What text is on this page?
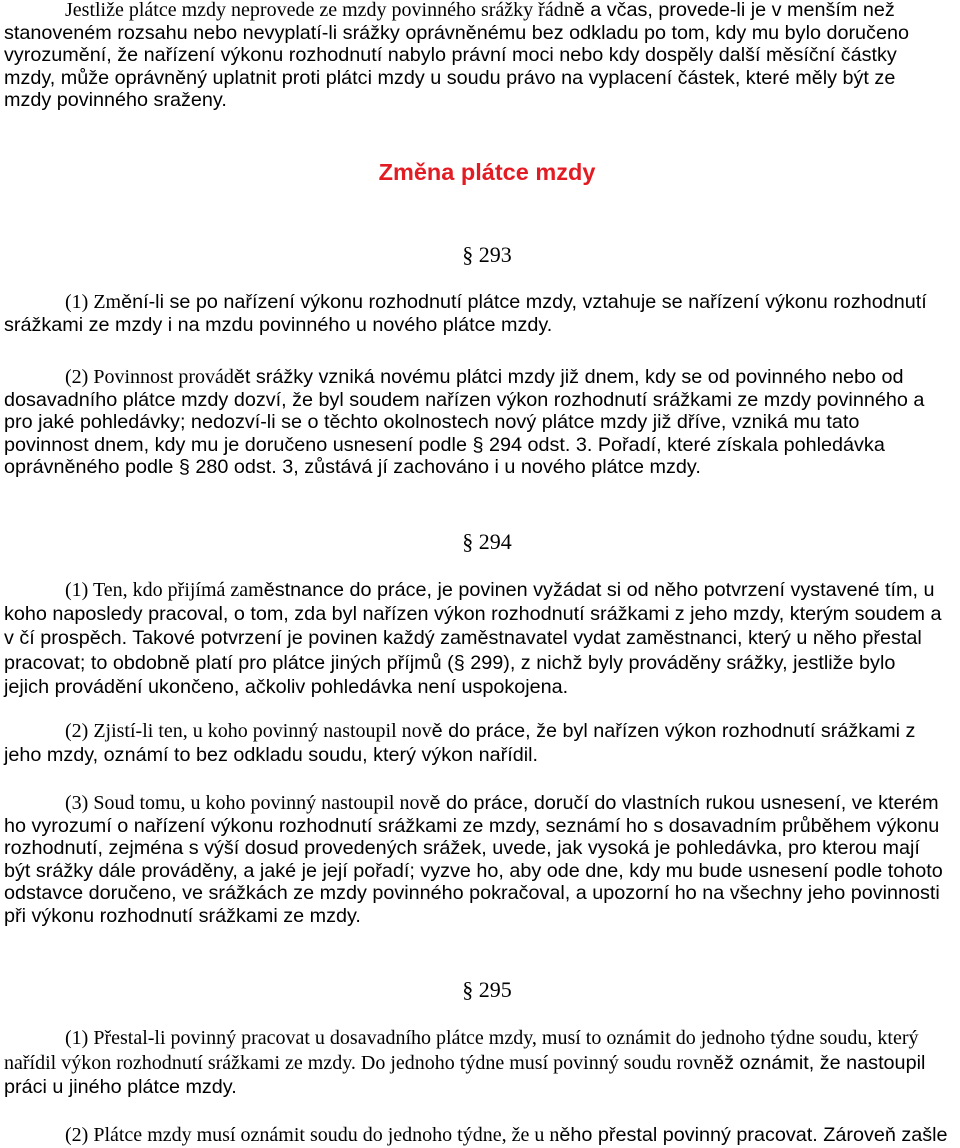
Jestliže plátce mzdy neprovede ze mzdy povinného srážky řádně a včas, provede-li je v menším než
stanoveném rozsahu nebo nevyplatí-li srážky oprávněnému bez odkladu po tom, kdy mu bylo doručeno
vyrozumění, že nařízení výkonu rozhodnutí nabylo právní moci nebo kdy dospěly další měsíční částky
mzdy, může oprávněný uplatnit proti plátci mzdy u soudu právo na vyplacení částek, které měly být ze
mzdy povinného sraženy.
Změna plátce mzdy
§ 293
(1) Změní-li se po nařízení výkonu rozhodnutí plátce mzdy, vztahuje se nařízení výkonu rozhodnutí
srážkami ze mzdy i na mzdu povinného u nového plátce mzdy.
(2) Povinnost provádět srážky vzniká novému plátci mzdy již dnem, kdy se od povinného nebo od
dosavadního plátce mzdy dozví, že byl soudem nařízen výkon rozhodnutí srážkami ze mzdy povinného a
pro jaké pohledávky; nedozví-li se o těchto okolnostech nový plátce mzdy již dříve, vzniká mu tato
povinnost dnem, kdy mu je doručeno usnesení podle § 294 odst. 3. Pořadí, které získala pohledávka
oprávněného podle § 280 odst. 3, zůstává jí zachováno i u nového plátce mzdy.
§ 294
(1) Ten, kdo přijímá zaměstnance do práce, je povinen vyžádat si od něho potvrzení vystavené tím, u
koho naposledy pracoval, o tom, zda byl nařízen výkon rozhodnutí srážkami z jeho mzdy, kterým soudem a
v čí prospěch. Takové potvrzení je povinen každý zaměstnavatel vydat zaměstnanci, který u něho přestal
pracovat; to obdobně platí pro plátce jiných příjmů (§ 299), z nichž byly prováděny srážky, jestliže bylo
jejich provádění ukončeno, ačkoliv pohledávka není uspokojena.
(2) Zjistí-li ten, u koho povinný nastoupil nově do práce, že byl nařízen výkon rozhodnutí srážkami z
jeho mzdy, oznámí to bez odkladu soudu, který výkon nařídil.
(3) Soud tomu, u koho povinný nastoupil nově do práce, doručí do vlastních rukou usnesení, ve kterém
ho vyrozumí o nařízení výkonu rozhodnutí srážkami ze mzdy, seznámí ho s dosavadním průběhem výkonu
rozhodnutí, zejména s výší dosud provedených srážek, uvede, jak vysoká je pohledávka, pro kterou mají
být srážky dále prováděny, a jaké je její pořadí; vyzve ho, aby ode dne, kdy mu bude usnesení podle tohoto
odstavce doručeno, ve srážkách ze mzdy povinného pokračoval, a upozorní ho na všechny jeho povinnosti
při výkonu rozhodnutí srážkami ze mzdy.
§ 295
(1) Přestal-li povinný pracovat u dosavadního plátce mzdy, musí to oznámit do jednoho týdne soudu, který
nařídil výkon rozhodnutí srážkami ze mzdy. Do jednoho týdne musí povinný soudu rovněž oznámit, že nastoupil
práci u jiného plátce mzdy.
(2) Plátce mzdy musí oznámit soudu do jednoho týdne, že u něho přestal povinný pracovat. Zároveň zašle
